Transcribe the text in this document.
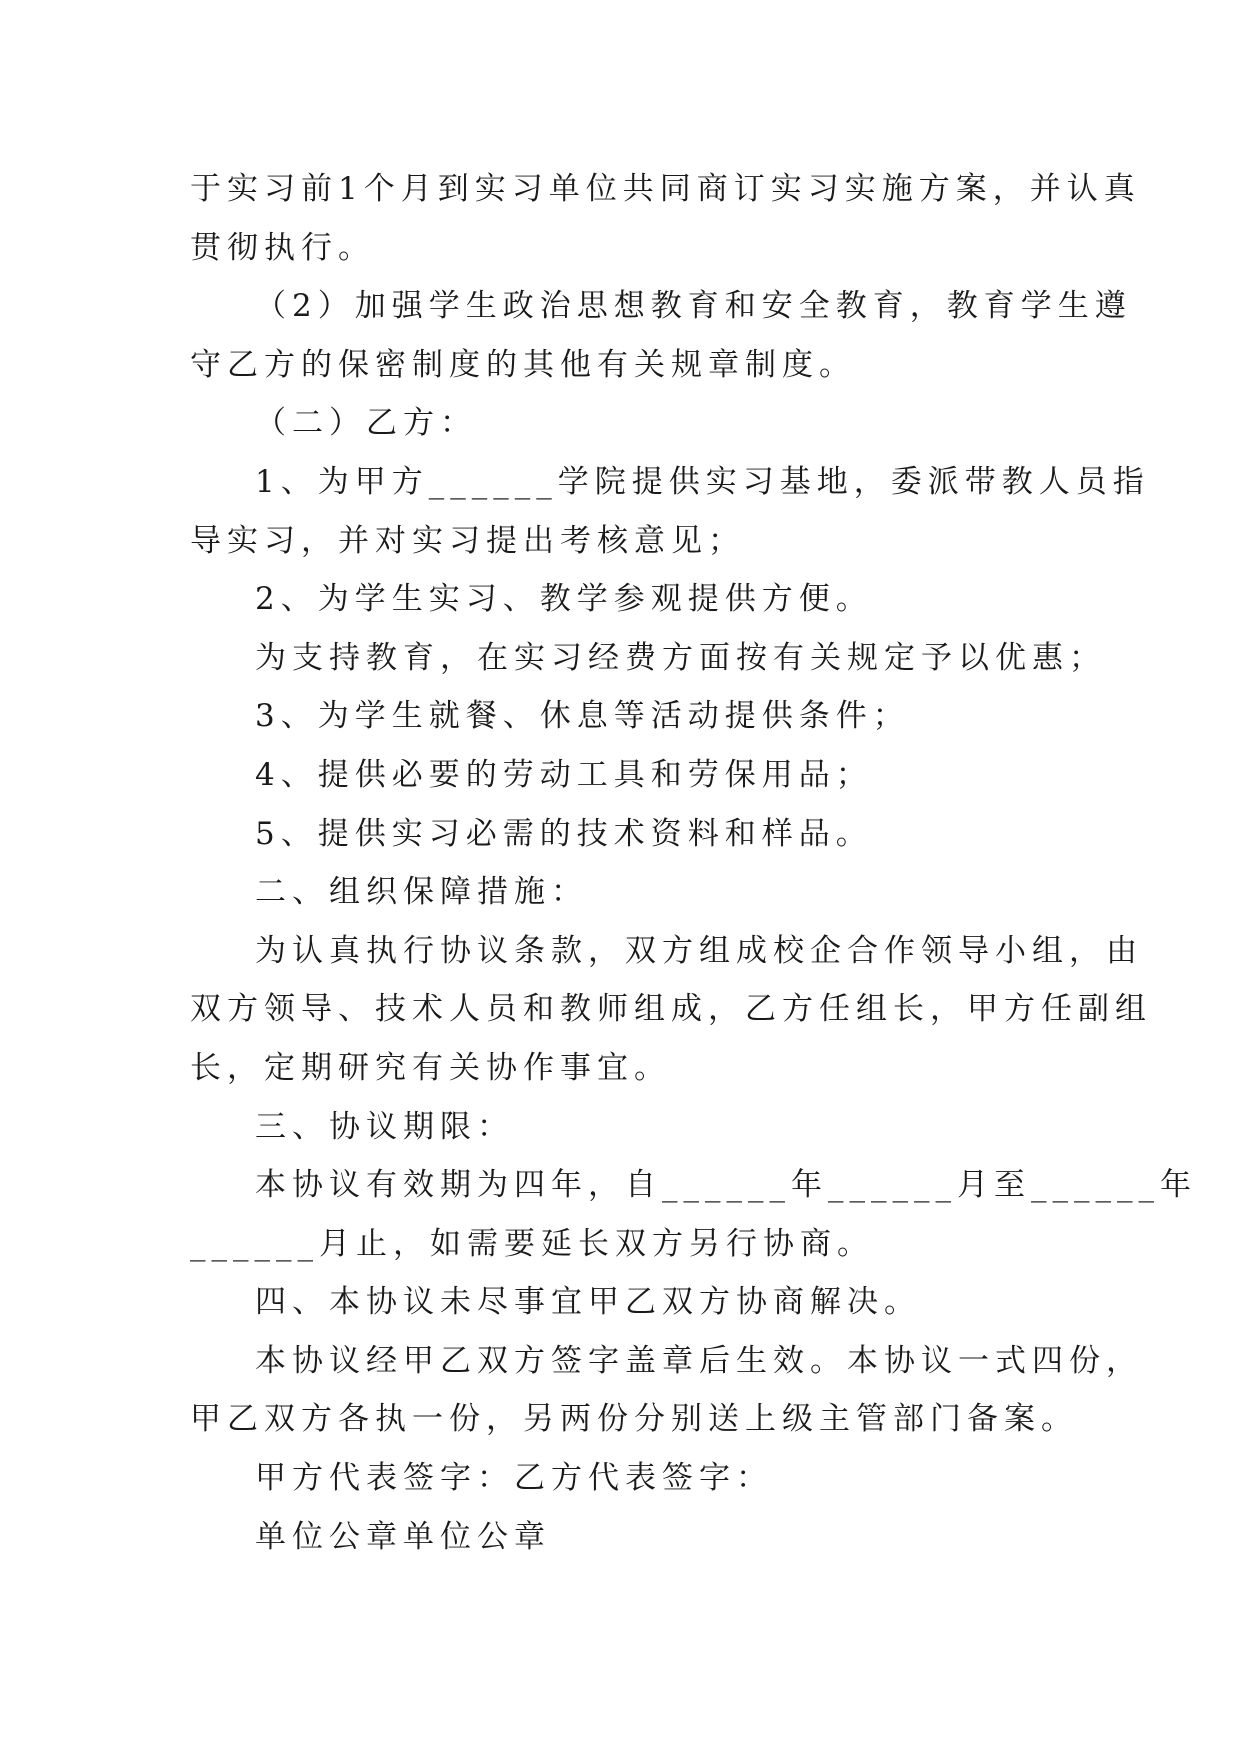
于实习前1个月到实习单位共同商订实习实施方案，并认真
贯彻执行。
（2）加强学生政治思想教育和安全教育，教育学生遵
守乙方的保密制度的其他有关规章制度。
（二）乙方：
1、为甲方______学院提供实习基地，委派带教人员指
导实习，并对实习提出考核意见；
2、为学生实习、教学参观提供方便。
为支持教育，在实习经费方面按有关规定予以优惠；
3、为学生就餐、休息等活动提供条件；
4、提供必要的劳动工具和劳保用品；
5、提供实习必需的技术资料和样品。
二、组织保障措施：
为认真执行协议条款，双方组成校企合作领导小组，由
双方领导、技术人员和教师组成，乙方任组长，甲方任副组
长，定期研究有关协作事宜。
三、协议期限：
本协议有效期为四年，自______年______月至______年
______月止，如需要延长双方另行协商。
四、本协议未尽事宜甲乙双方协商解决。
本协议经甲乙双方签字盖章后生效。本协议一式四份，
甲乙双方各执一份，另两份分别送上级主管部门备案。
甲方代表签字：乙方代表签字：
单位公章单位公章
